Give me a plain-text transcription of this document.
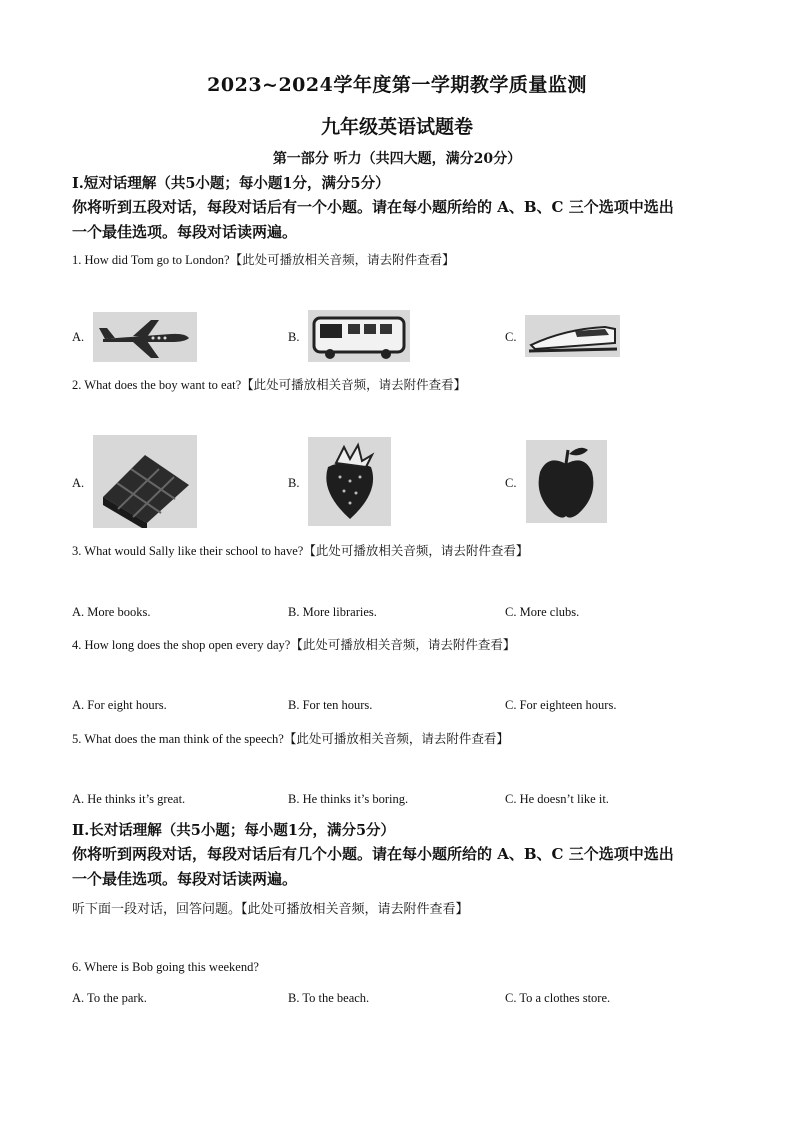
2023~2024学年度第一学期教学质量监测
九年级英语试题卷
第一部分 听力（共四大题，满分20分）
Ⅰ.短对话理解（共5小题；每小题1分，满分5分）
你将听到五段对话，每段对话后有一个小题。请在每小题所给的 A、B、C 三个选项中选出
一个最佳选项。每段对话读两遍。
1. How did Tom go to London?【此处可播放相关音频，请去附件查看】
A.	B.	C.
2. What does the boy want to eat?【此处可播放相关音频，请去附件查看】
A.	B.	C.
3. What would Sally like their school to have?【此处可播放相关音频，请去附件查看】
A. More books.	B. More libraries.	C. More clubs.
4. How long does the shop open every day?【此处可播放相关音频，请去附件查看】
A. For eight hours.	B. For ten hours.	C. For eighteen hours.
5. What does the man think of the speech?【此处可播放相关音频，请去附件查看】
A. He thinks it’s great.	B. He thinks it’s boring.	C. He doesn’t like it.
Ⅱ.长对话理解（共5小题；每小题1分，满分5分）
你将听到两段对话，每段对话后有几个小题。请在每小题所给的 A、B、C 三个选项中选出
一个最佳选项。每段对话读两遍。
听下面一段对话，回答问题。【此处可播放相关音频，请去附件查看】
6. Where is Bob going this weekend?
A. To the park.	B. To the beach.	C. To a clothes store.
